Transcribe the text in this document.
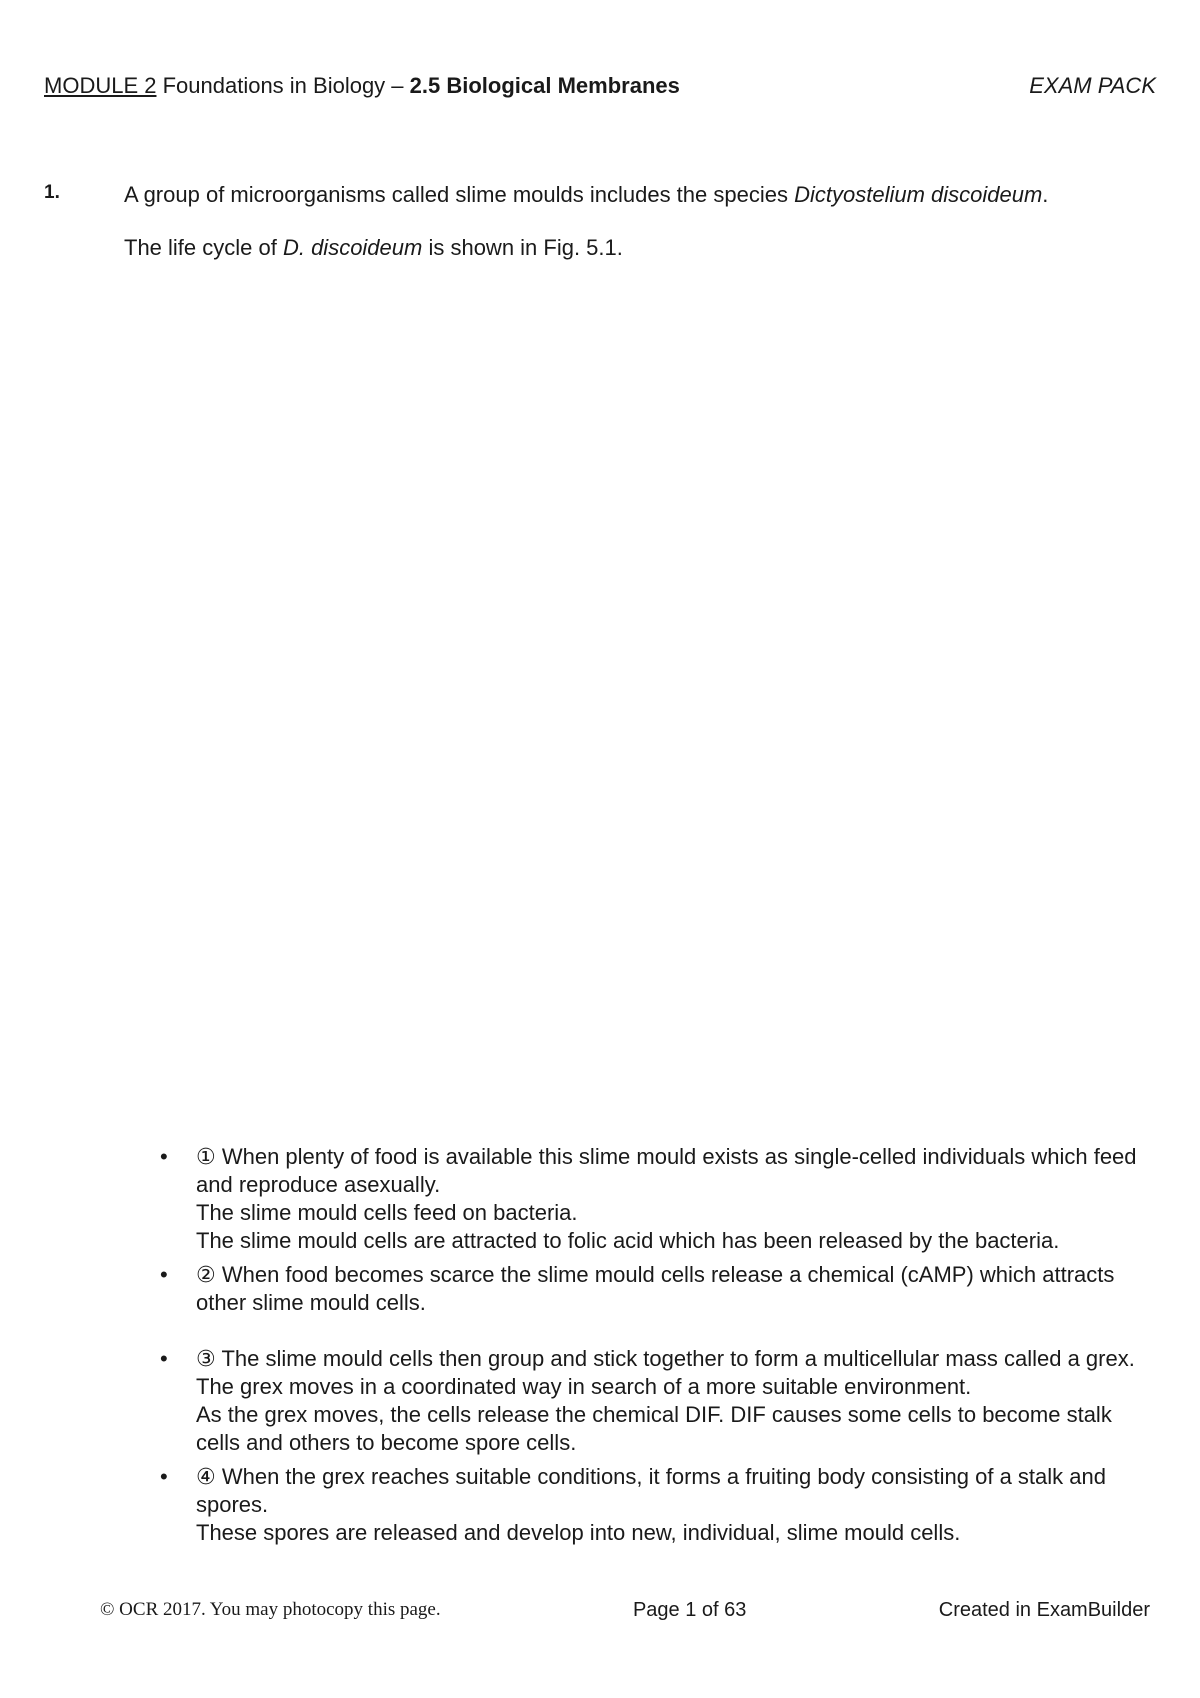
MODULE 2 Foundations in Biology – 2.5 Biological Membranes	EXAM PACK
1.	A group of microorganisms called slime moulds includes the species Dictyostelium discoideum.

The life cycle of D. discoideum is shown in Fig. 5.1.

• ① When plenty of food is available this slime mould exists as single-celled individuals which feed and reproduce asexually.

The slime mould cells feed on bacteria.

The slime mould cells are attracted to folic acid which has been released by the bacteria.

• ② When food becomes scarce the slime mould cells release a chemical (cAMP) which attracts other slime mould cells.

• ③ The slime mould cells then group and stick together to form a multicellular mass called a grex.

The grex moves in a coordinated way in search of a more suitable environment.

As the grex moves, the cells release the chemical DIF. DIF causes some cells to become stalk cells and others to become spore cells.

• ④ When the grex reaches suitable conditions, it forms a fruiting body consisting of a stalk and spores.

These spores are released and develop into new, individual, slime mould cells.

© OCR 2017. You may photocopy this page.	Page 1 of 63	Created in ExamBuilder
